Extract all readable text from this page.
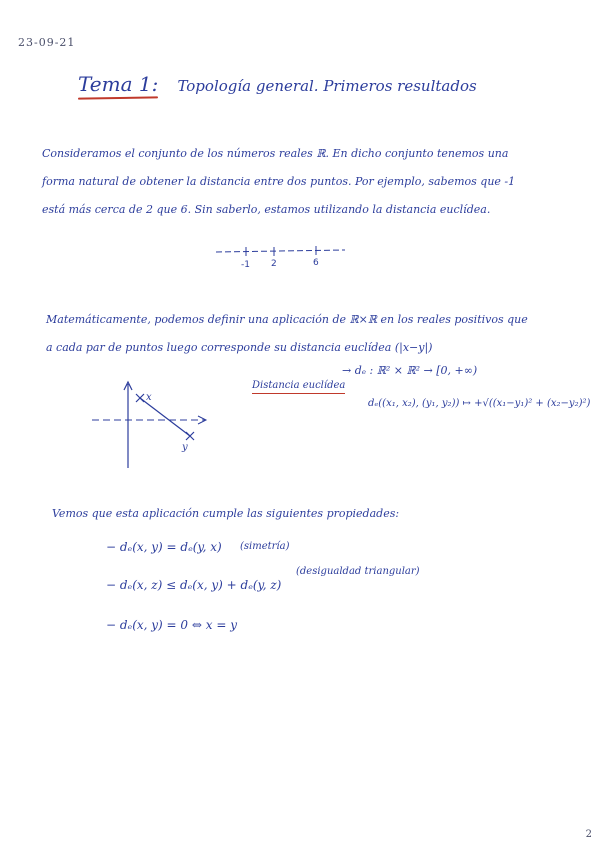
23-09-21
Tema 1: Topología general. Primeros resultados
Consideramos el conjunto de los números reales ℝ. En dicho conjunto tenemos una
forma natural de obtener la distancia entre dos puntos. Por ejemplo, sabemos que -1
está más cerca de 2 que 6. Sin saberlo, estamos utilizando la distancia euclídea.
-1 2	6
x
y
Matemáticamente, podemos definir una aplicación de ℝ×ℝ en los reales positivos que
a cada par de puntos luego corresponde su distancia euclídea (|x−y|)
Distancia euclídea
→ dₑ : ℝ² × ℝ² → [0, +∞)
dₑ((x₁, x₂), (y₁, y₂)) ↦ +√((x₁−y₁)² + (x₂−y₂)²)
Vemos que esta aplicación cumple las siguientes propiedades:
− dₑ(x, y) = dₑ(y, x) (simetría)
− dₑ(x, z) ≤ dₑ(x, y) + dₑ(y, z)
(desigualdad triangular)
− dₑ(x, y) = 0 ⇔ x = y
2
